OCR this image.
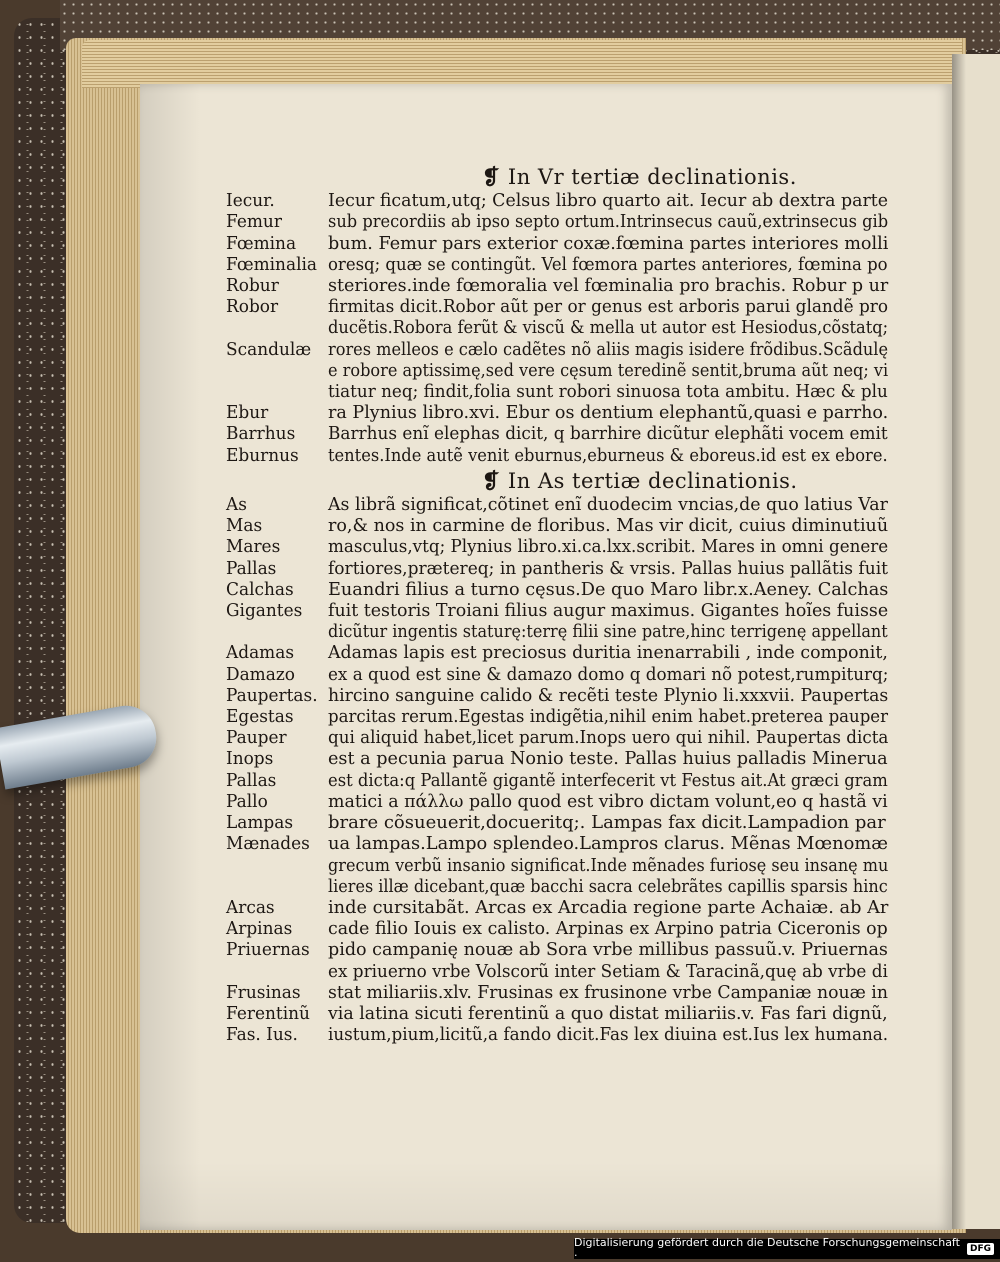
❡ In Vr tertiæ declinationis.
Iecur.	Iecur ficatum,utq; Celsus libro quarto ait. Iecur ab dextra parte
Femur	sub precordiis ab ipso septo ortum.Intrinsecus cauũ,extrinsecus gib
Fœmina	bum. Femur pars exterior coxæ.fœmina partes interiores molli
Fœminalia oresq; quæ se contingũt. Vel fœmora partes anteriores, fœmina po
Robur	steriores.inde fœmoralia vel fœminalia pro brachis. Robur p ur
Robor	firmitas dicit.Robor aũt per or genus est arboris parui glandẽ pro

ducẽtis.Robora ferũt & viscũ & mella ut autor est Hesiodus,cõstatq;
Scandulæ rores melleos e cælo cadẽtes nõ aliis magis isidere frõdibus.Scãdulę

e robore aptissimę,sed vere cęsum teredinẽ sentit,bruma aũt neq; vi

tiatur neq; findit,folia sunt robori sinuosa tota ambitu. Hæc & plu
Ebur	ra Plynius libro.xvi. Ebur os dentium elephantũ,quasi e parrho.
Barrhus	Barrhus enĩ elephas dicit, q barrhire dicũtur elephãti vocem emit
Eburnus	tentes.Inde autẽ venit eburnus,eburneus & eboreus.id est ex ebore.
❡ In As tertiæ declinationis.
As	As librã significat,cõtinet enĩ duodecim vncias,de quo latius Var
Mas	ro,& nos in carmine de floribus. Mas vir dicit, cuius diminutiuũ
Mares	masculus,vtq; Plynius libro.xi.ca.lxx.scribit. Mares in omni genere
Pallas	fortiores,prætereq; in pantheris & vrsis. Pallas huius pallãtis fuit
Calchas	Euandri filius a turno cęsus.De quo Maro libr.x.Aeney. Calchas
Gigantes	fuit testoris Troiani filius augur maximus. Gigantes hoĩes fuisse

dicũtur ingentis staturę:terrę filii sine patre,hinc terrigenę appellant
Adamas	Adamas lapis est preciosus duritia inenarrabili , inde componit,
Damazo	ex a quod est sine & damazo domo q domari nõ potest,rumpiturq;
Paupertas. hircino sanguine calido & recẽti teste Plynio li.xxxvii. Paupertas
Egestas	parcitas rerum.Egestas indigẽtia,nihil enim habet.preterea pauper
Pauper	qui aliquid habet,licet parum.Inops uero qui nihil. Paupertas dicta
Inops	est a pecunia parua Nonio teste. Pallas huius palladis Minerua
Pallas	est dicta:q Pallantẽ gigantẽ interfecerit vt Festus ait.At græci gram
Pallo	matici a πάλλω pallo quod est vibro dictam volunt,eo q hastã vi
Lampas	brare cõsueuerit,docueritq;. Lampas fax dicit.Lampadion par
Mænades	ua lampas.Lampo splendeo.Lampros clarus. Mẽnas Mœnomæ

grecum verbũ insanio significat.Inde mẽnades furiosę seu insanę mu

lieres illæ dicebant,quæ bacchi sacra celebrãtes capillis sparsis hinc
Arcas	inde cursitabãt. Arcas ex Arcadia regione parte Achaiæ. ab Ar
Arpinas	cade filio Iouis ex calisto. Arpinas ex Arpino patria Ciceronis op
Priuernas	pido campanię nouæ ab Sora vrbe millibus passuũ.v. Priuernas

ex priuerno vrbe Volscorũ inter Setiam & Taracinã,quę ab vrbe di
Frusinas	stat miliariis.xlv. Frusinas ex frusinone vrbe Campaniæ nouæ in
Ferentinũ	via latina sicuti ferentinũ a quo distat miliariis.v. Fas fari dignũ,
Fas. Ius.	iustum,pium,licitũ,a fando dicit.Fas lex diuina est.Ius lex humana.
Digitalisierung gefördert durch die Deutsche Forschungsgemeinschaft ·	DFG
